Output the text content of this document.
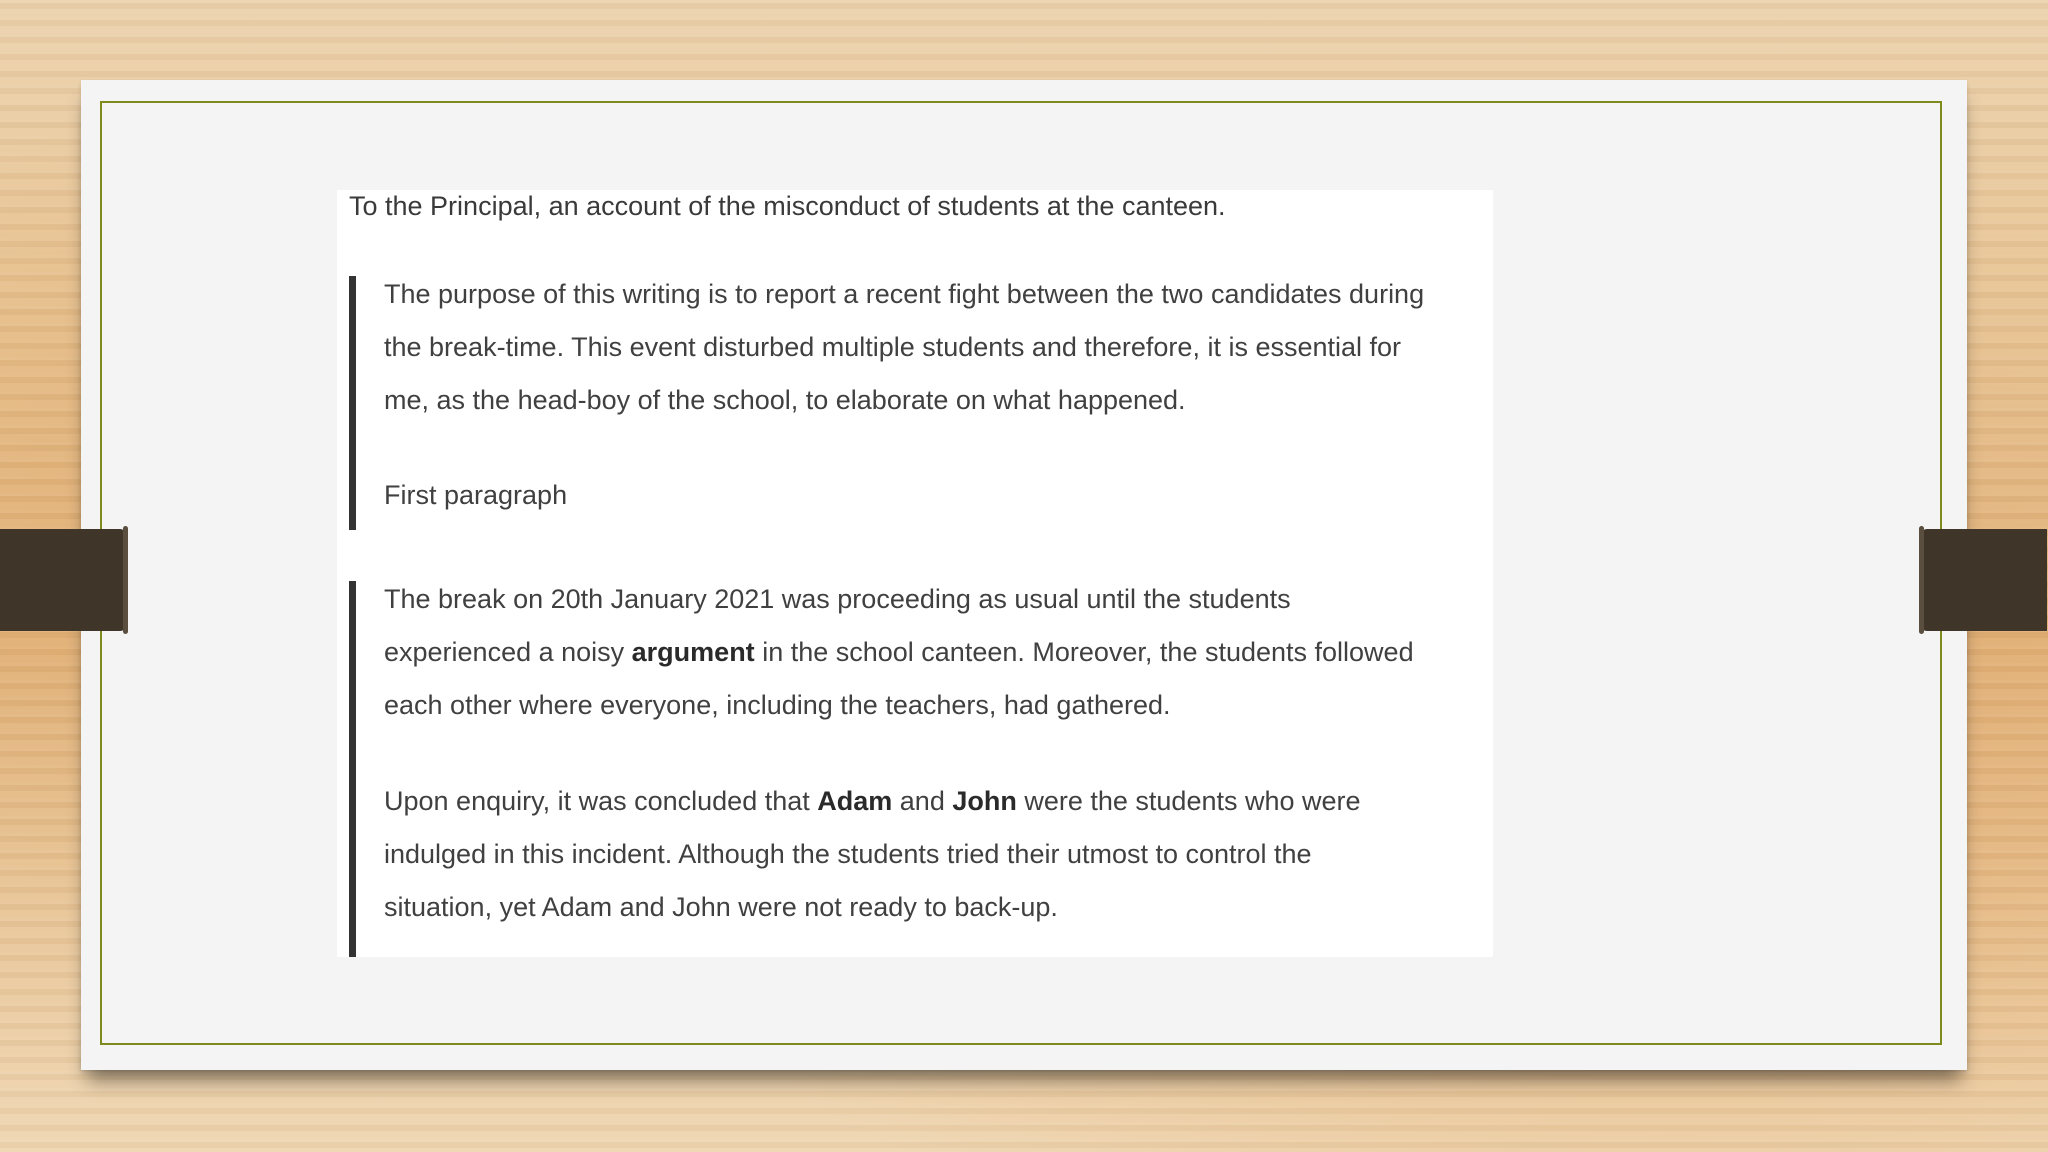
To the Principal, an account of the misconduct of students at the canteen.

The purpose of this writing is to report a recent fight between the two candidates during
the break-time. This event disturbed multiple students and therefore, it is essential for
me, as the head-boy of the school, to elaborate on what happened.

First paragraph

The break on 20th January 2021 was proceeding as usual until the students
experienced a noisy argument in the school canteen. Moreover, the students followed
each other where everyone, including the teachers, had gathered.

Upon enquiry, it was concluded that Adam and John were the students who were
indulged in this incident. Although the students tried their utmost to control the
situation, yet Adam and John were not ready to back-up.
